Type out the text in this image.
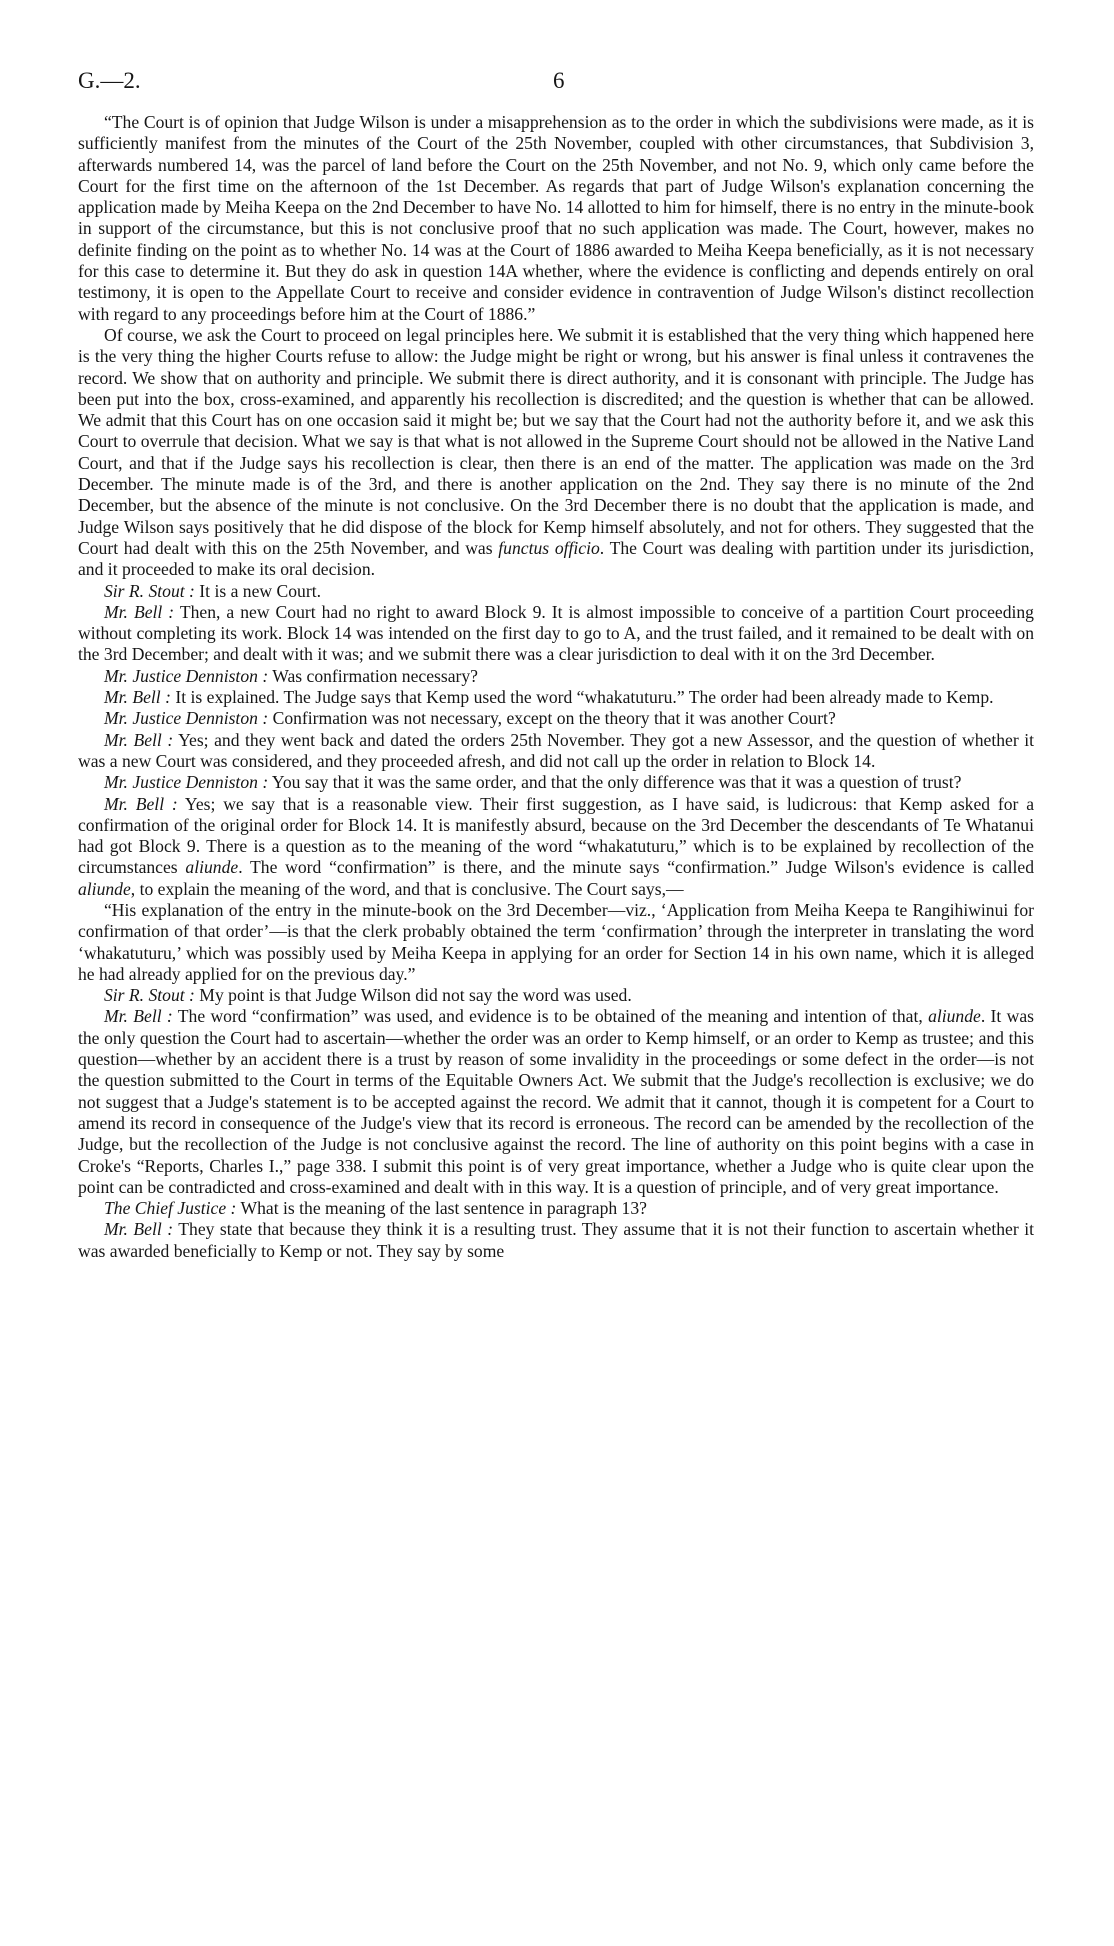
G.—2.	6

“The Court is of opinion that Judge Wilson is under a misapprehension as to the order in which the subdivisions were made, as it is sufficiently manifest from the minutes of the Court of the 25th November, coupled with other circumstances, that Subdivision 3, afterwards numbered 14, was the parcel of land before the Court on the 25th November, and not No. 9, which only came before the Court for the first time on the afternoon of the 1st December. As regards that part of Judge Wilson's explanation concerning the application made by Meiha Keepa on the 2nd December to have No. 14 allotted to him for himself, there is no entry in the minute-book in support of the circumstance, but this is not conclusive proof that no such application was made. The Court, however, makes no definite finding on the point as to whether No. 14 was at the Court of 1886 awarded to Meiha Keepa beneficially, as it is not necessary for this case to determine it. But they do ask in question 14A whether, where the evidence is conflicting and depends entirely on oral testimony, it is open to the Appellate Court to receive and consider evidence in contravention of Judge Wilson's distinct recollection with regard to any proceedings before him at the Court of 1886.”

Of course, we ask the Court to proceed on legal principles here. We submit it is established that the very thing which happened here is the very thing the higher Courts refuse to allow: the Judge might be right or wrong, but his answer is final unless it contravenes the record. We show that on authority and principle. We submit there is direct authority, and it is consonant with principle. The Judge has been put into the box, cross-examined, and apparently his recollection is discredited; and the question is whether that can be allowed. We admit that this Court has on one occasion said it might be; but we say that the Court had not the authority before it, and we ask this Court to overrule that decision. What we say is that what is not allowed in the Supreme Court should not be allowed in the Native Land Court, and that if the Judge says his recollection is clear, then there is an end of the matter. The application was made on the 3rd December. The minute made is of the 3rd, and there is another application on the 2nd. They say there is no minute of the 2nd December, but the absence of the minute is not conclusive. On the 3rd December there is no doubt that the application is made, and Judge Wilson says positively that he did dispose of the block for Kemp himself absolutely, and not for others. They suggested that the Court had dealt with this on the 25th November, and was functus officio. The Court was dealing with partition under its jurisdiction, and it proceeded to make its oral decision.

Sir R. Stout : It is a new Court.

Mr. Bell : Then, a new Court had no right to award Block 9. It is almost impossible to conceive of a partition Court proceeding without completing its work. Block 14 was intended on the first day to go to A, and the trust failed, and it remained to be dealt with on the 3rd December; and dealt with it was; and we submit there was a clear jurisdiction to deal with it on the 3rd December.

Mr. Justice Denniston : Was confirmation necessary?

Mr. Bell : It is explained. The Judge says that Kemp used the word “whakatuturu.” The order had been already made to Kemp.

Mr. Justice Denniston : Confirmation was not necessary, except on the theory that it was another Court?

Mr. Bell : Yes; and they went back and dated the orders 25th November. They got a new Assessor, and the question of whether it was a new Court was considered, and they proceeded afresh, and did not call up the order in relation to Block 14.

Mr. Justice Denniston : You say that it was the same order, and that the only difference was that it was a question of trust?

Mr. Bell : Yes; we say that is a reasonable view. Their first suggestion, as I have said, is ludicrous: that Kemp asked for a confirmation of the original order for Block 14. It is manifestly absurd, because on the 3rd December the descendants of Te Whatanui had got Block 9. There is a question as to the meaning of the word “whakatuturu,” which is to be explained by recollection of the circumstances aliunde. The word “confirmation” is there, and the minute says “confirmation.” Judge Wilson's evidence is called aliunde, to explain the meaning of the word, and that is conclusive. The Court says,—

“His explanation of the entry in the minute-book on the 3rd December—viz., ‘Application from Meiha Keepa te Rangihiwinui for confirmation of that order’—is that the clerk probably obtained the term ‘confirmation’ through the interpreter in translating the word ‘whakatuturu,’ which was possibly used by Meiha Keepa in applying for an order for Section 14 in his own name, which it is alleged he had already applied for on the previous day.”

Sir R. Stout : My point is that Judge Wilson did not say the word was used.

Mr. Bell : The word “confirmation” was used, and evidence is to be obtained of the meaning and intention of that, aliunde. It was the only question the Court had to ascertain—whether the order was an order to Kemp himself, or an order to Kemp as trustee; and this question—whether by an accident there is a trust by reason of some invalidity in the proceedings or some defect in the order—is not the question submitted to the Court in terms of the Equitable Owners Act. We submit that the Judge's recollection is exclusive; we do not suggest that a Judge's statement is to be accepted against the record. We admit that it cannot, though it is competent for a Court to amend its record in consequence of the Judge's view that its record is erroneous. The record can be amended by the recollection of the Judge, but the recollection of the Judge is not conclusive against the record. The line of authority on this point begins with a case in Croke's “Reports, Charles I.,” page 338. I submit this point is of very great importance, whether a Judge who is quite clear upon the point can be contradicted and cross-examined and dealt with in this way. It is a question of principle, and of very great importance.

The Chief Justice : What is the meaning of the last sentence in paragraph 13?

Mr. Bell : They state that because they think it is a resulting trust. They assume that it is not their function to ascertain whether it was awarded beneficially to Kemp or not. They say by some
